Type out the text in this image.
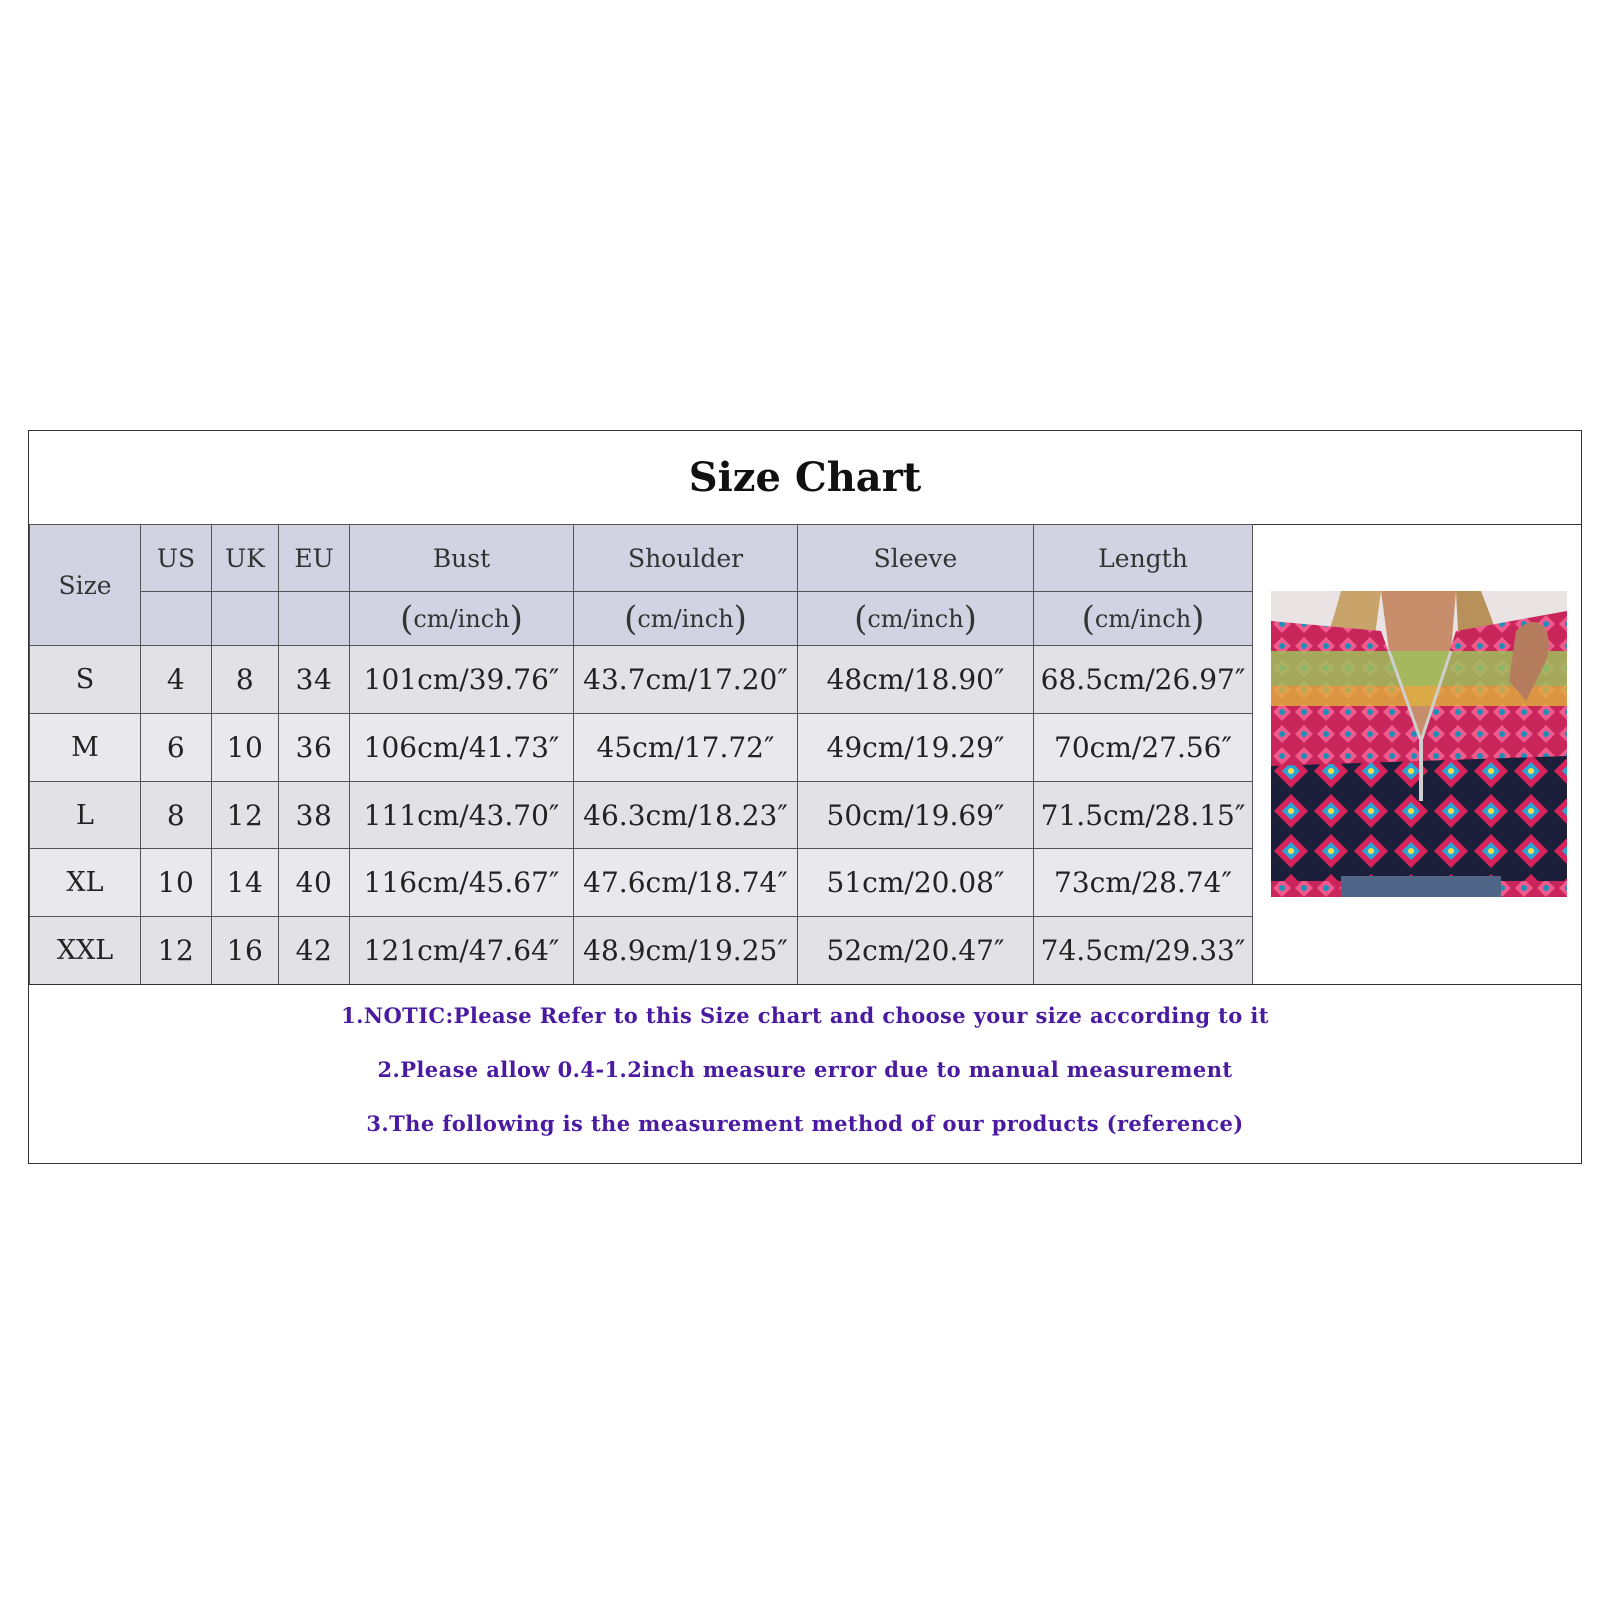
Size Chart
Size	US	UK	EU	Bust	Shoulder	Sleeve	Length
				(cm/inch)	(cm/inch)	(cm/inch)	(cm/inch)
S	4	8	34	101cm/39.76″	43.7cm/17.20″	48cm/18.90″	68.5cm/26.97″
M	6	10	36	106cm/41.73″	45cm/17.72″	49cm/19.29″	70cm/27.56″
L	8	12	38	111cm/43.70″	46.3cm/18.23″	50cm/19.69″	71.5cm/28.15″
XL	10	14	40	116cm/45.67″	47.6cm/18.74″	51cm/20.08″	73cm/28.74″
XXL	12	16	42	121cm/47.64″	48.9cm/19.25″	52cm/20.47″	74.5cm/29.33″
1.NOTIC:Please Refer to this Size chart and choose your size according to it
2.Please allow 0.4-1.2inch measure error due to manual measurement
3.The following is the measurement method of our products (reference)
